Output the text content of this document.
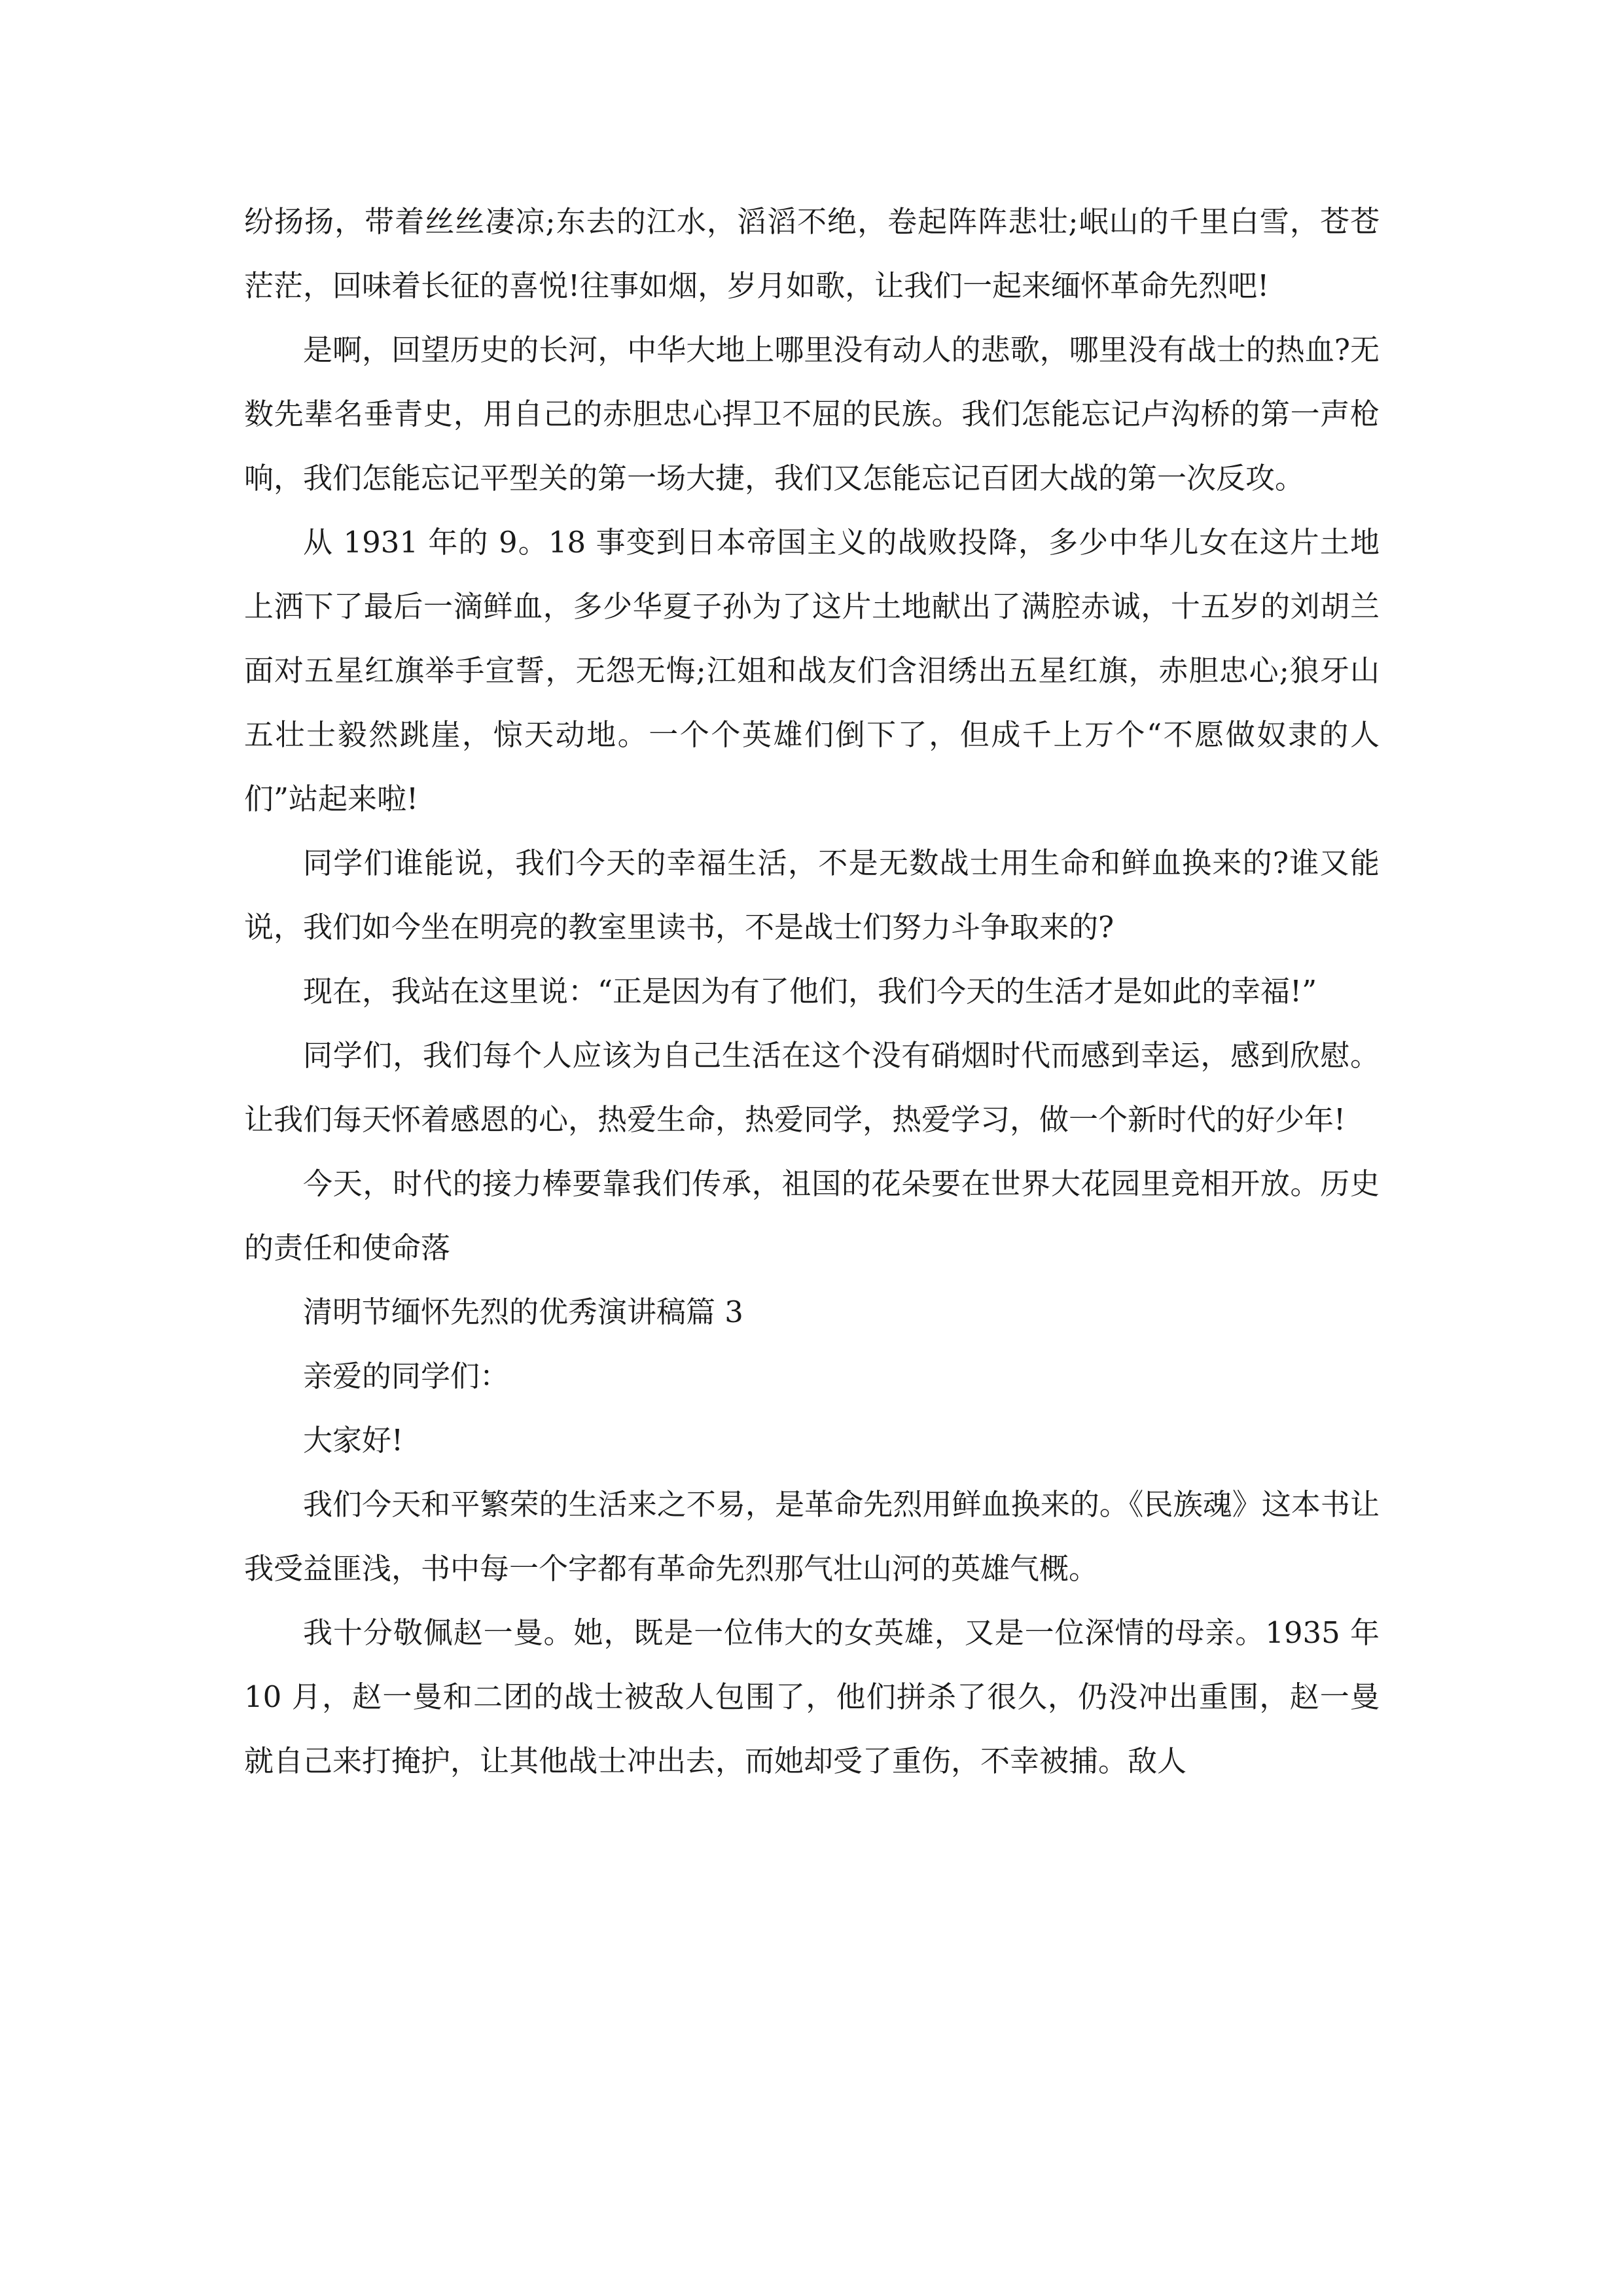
纷扬扬，带着丝丝凄凉;东去的江水，滔滔不绝，卷起阵阵悲壮;岷山的千里白雪，苍苍茫茫，回味着长征的喜悦!往事如烟，岁月如歌，让我们一起来缅怀革命先烈吧!

是啊，回望历史的长河，中华大地上哪里没有动人的悲歌，哪里没有战士的热血?无数先辈名垂青史，用自己的赤胆忠心捍卫不屈的民族。我们怎能忘记卢沟桥的第一声枪响，我们怎能忘记平型关的第一场大捷，我们又怎能忘记百团大战的第一次反攻。

从 1931 年的 9。18 事变到日本帝国主义的战败投降，多少中华儿女在这片土地上洒下了最后一滴鲜血，多少华夏子孙为了这片土地献出了满腔赤诚，十五岁的刘胡兰面对五星红旗举手宣誓，无怨无悔;江姐和战友们含泪绣出五星红旗，赤胆忠心;狼牙山五壮士毅然跳崖，惊天动地。一个个英雄们倒下了，但成千上万个“不愿做奴隶的人们”站起来啦!

同学们谁能说，我们今天的幸福生活，不是无数战士用生命和鲜血换来的?谁又能说，我们如今坐在明亮的教室里读书，不是战士们努力斗争取来的?

现在，我站在这里说：“正是因为有了他们，我们今天的生活才是如此的幸福!”

同学们，我们每个人应该为自己生活在这个没有硝烟时代而感到幸运，感到欣慰。让我们每天怀着感恩的心，热爱生命，热爱同学，热爱学习，做一个新时代的好少年!

今天，时代的接力棒要靠我们传承，祖国的花朵要在世界大花园里竞相开放。历史的责任和使命落

清明节缅怀先烈的优秀演讲稿篇 3

亲爱的同学们：

大家好!

我们今天和平繁荣的生活来之不易，是革命先烈用鲜血换来的。《民族魂》这本书让我受益匪浅，书中每一个字都有革命先烈那气壮山河的英雄气概。

我十分敬佩赵一曼。她，既是一位伟大的女英雄，又是一位深情的母亲。1935 年 10 月，赵一曼和二团的战士被敌人包围了，他们拼杀了很久，仍没冲出重围，赵一曼就自己来打掩护，让其他战士冲出去，而她却受了重伤，不幸被捕。敌人
